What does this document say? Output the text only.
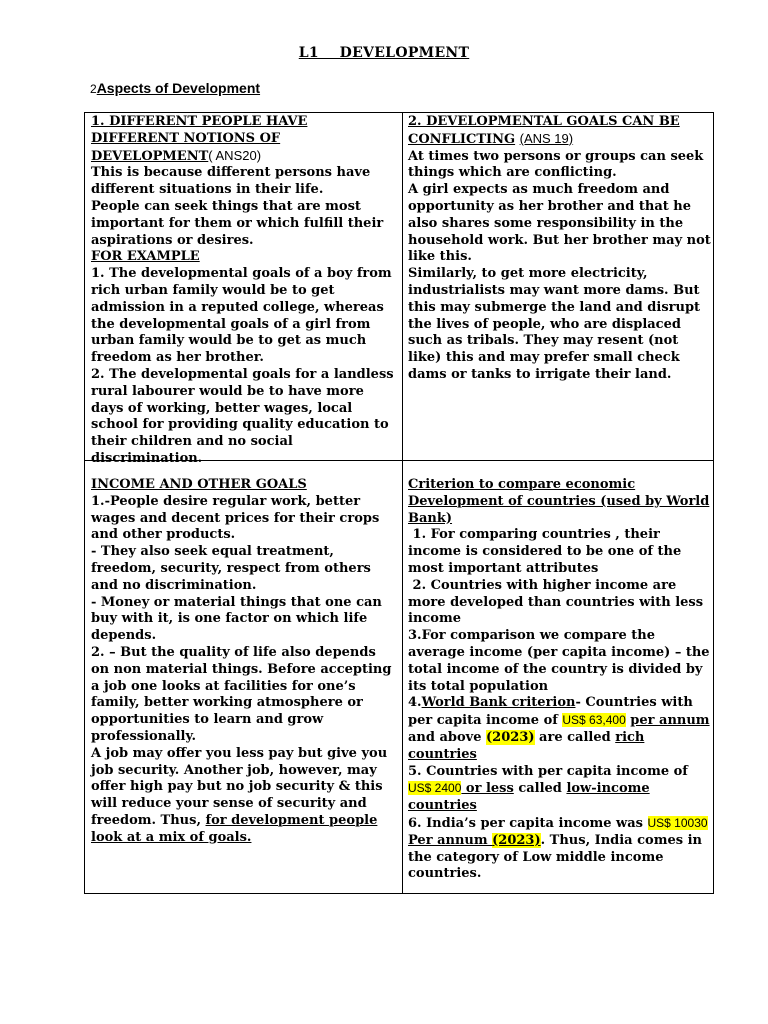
L1    DEVELOPMENT
2Aspects of Development

1. DIFFERENT PEOPLE HAVE DIFFERENT NOTIONS OF DEVELOPMENT( ANS20)

This is because different persons have different situations in their life.

People can seek things that are most important for them or which fulfill their aspirations or desires.

FOR EXAMPLE

1. The developmental goals of a boy from rich urban family would be to get admission in a reputed college, whereas the developmental goals of a girl from urban family would be to get as much freedom as her brother.

2. The developmental goals for a landless rural labourer would be to have more days of working, better wages, local school for providing quality education to their children and no social discrimination.

2. DEVELOPMENTAL GOALS CAN BE CONFLICTING (ANS 19)

At times two persons or groups can seek things which are conflicting.

A girl expects as much freedom and opportunity as her brother and that he also shares some responsibility in the household work. But her brother may not like this.

Similarly, to get more electricity, industrialists may want more dams. But this may submerge the land and disrupt the lives of people, who are displaced such as tribals. They may resent (not like) this and may prefer small check dams or tanks to irrigate their land.

INCOME AND OTHER GOALS

1.-People desire regular work, better wages and decent prices for their crops and other products.

- They also seek equal treatment, freedom, security, respect from others and no discrimination.

- Money or material things that one can buy with it, is one factor on which life depends.

2. – But the quality of life also depends on non material things. Before accepting a job one looks at facilities for one’s family, better working atmosphere or opportunities to learn and grow professionally.

A job may offer you less pay but give you job security. Another job, however, may offer high pay but no job security & this will reduce your sense of security and freedom. Thus, for development people look at a mix of goals.

Criterion to compare economic Development of countries (used by World Bank)

1. For comparing countries , their income is considered to be one of the most important attributes

2. Countries with higher income are more developed than countries with less income

3.For comparison we compare the average income (per capita income) – the total income of the country is divided by its total population

4.World Bank criterion- Countries with per capita income of US$ 63,400 per annum and above (2023) are called rich countries

5. Countries with per capita income of US$ 2400 or less called low-income countries

6. India’s per capita income was US$ 10030 Per annum (2023). Thus, India comes in the category of Low middle income countries.
